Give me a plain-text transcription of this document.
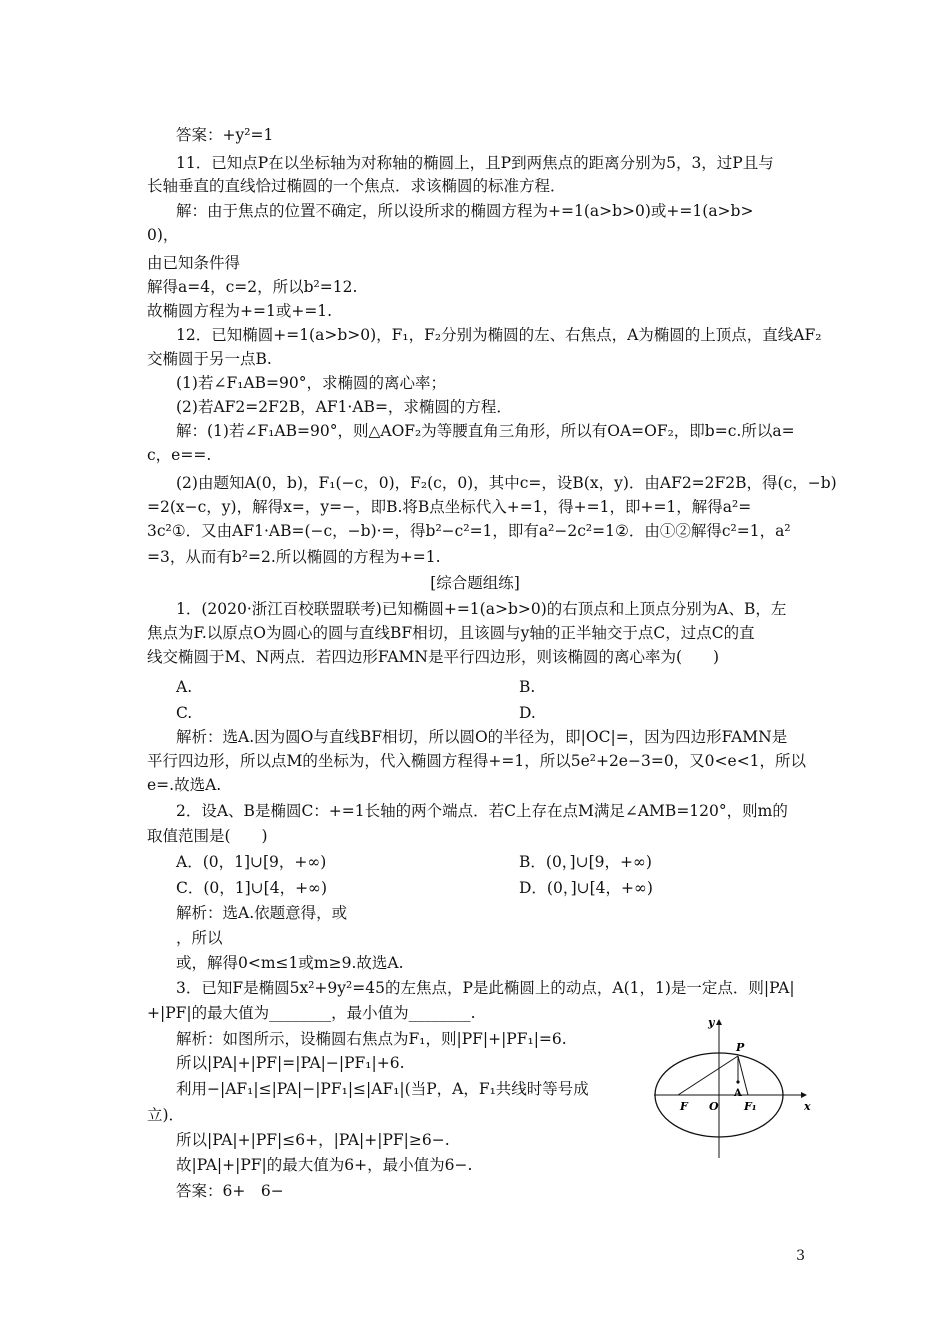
答案：+y²=1
11．已知点P在以坐标轴为对称轴的椭圆上，且P到两焦点的距离分别为5，3，过P且与
长轴垂直的直线恰过椭圆的一个焦点．求该椭圆的标准方程．
解：由于焦点的位置不确定，所以设所求的椭圆方程为+=1(a>b>0)或+=1(a>b>
0)，
由已知条件得
解得a=4，c=2，所以b²=12.
故椭圆方程为+=1或+=1.
12．已知椭圆+=1(a>b>0)，F₁，F₂分别为椭圆的左、右焦点，A为椭圆的上顶点，直线AF₂
交椭圆于另一点B.
(1)若∠F₁AB=90°，求椭圆的离心率；
(2)若AF2=2F2B，AF1·AB=，求椭圆的方程．
解：(1)若∠F₁AB=90°，则△AOF₂为等腰直角三角形，所以有OA=OF₂，即b=c.所以a=
c，e==.
(2)由题知A(0，b)，F₁(−c，0)，F₂(c，0)，其中c=，设B(x，y)．由AF2=2F2B，得(c，−b)
=2(x−c，y)，解得x=，y=−，即B.将B点坐标代入+=1，得+=1，即+=1，解得a²=
3c²①．又由AF1·AB=(−c，−b)·=，得b²−c²=1，即有a²−2c²=1②．由①②解得c²=1，a²
=3，从而有b²=2.所以椭圆的方程为+=1.
[综合题组练]
1．(2020·浙江百校联盟联考)已知椭圆+=1(a>b>0)的右顶点和上顶点分别为A、B，左
焦点为F.以原点O为圆心的圆与直线BF相切，且该圆与y轴的正半轴交于点C，过点C的直
线交椭圆于M、N两点．若四边形FAMN是平行四边形，则该椭圆的离心率为(　　)
A.	B.
C.	D.
解析：选A.因为圆O与直线BF相切，所以圆O的半径为，即|OC|=，因为四边形FAMN是
平行四边形，所以点M的坐标为，代入椭圆方程得+=1，所以5e²+2e−3=0，又0<e<1，所以
e=.故选A.
2．设A、B是椭圆C：+=1长轴的两个端点．若C上存在点M满足∠AMB=120°，则m的
取值范围是(　　)
A．(0，1]∪[9，+∞)	B．(0，]∪[9，+∞)
C．(0，1]∪[4，+∞)	D．(0，]∪[4，+∞)
解析：选A.依题意得，或
，所以
或，解得0<m≤1或m≥9.故选A.
3．已知F是椭圆5x²+9y²=45的左焦点，P是此椭圆上的动点，A(1，1)是一定点．则|PA|
+|PF|的最大值为________，最小值为________.
解析：如图所示，设椭圆右焦点为F₁，则|PF|+|PF₁|=6.
所以|PA|+|PF|=|PA|−|PF₁|+6.
利用−|AF₁|≤|PA|−|PF₁|≤|AF₁|(当P，A，F₁共线时等号成
立)．
所以|PA|+|PF|≤6+，|PA|+|PF|≥6−.
故|PA|+|PF|的最大值为6+，最小值为6−.
答案：6+　6−
y
x
P
A
F O F₁
3
